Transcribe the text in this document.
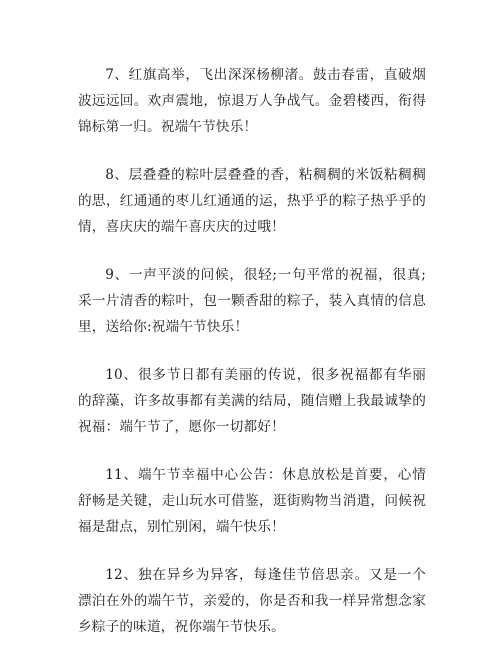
7、红旗高举，飞出深深杨柳渚。鼓击春雷，直破烟波远远回。欢声震地，惊退万人争战气。金碧楼西，衔得锦标第一归。祝端午节快乐！

8、层叠叠的粽叶层叠叠的香，粘稠稠的米饭粘稠稠的思，红通通的枣儿红通通的运，热乎乎的粽子热乎乎的情，喜庆庆的端午喜庆庆的过哦！

9、一声平淡的问候，很轻;一句平常的祝福，很真;采一片清香的粽叶，包一颗香甜的粽子，装入真情的信息里，送给你:祝端午节快乐！

10、很多节日都有美丽的传说，很多祝福都有华丽的辞藻，许多故事都有美满的结局，随信赠上我最诚挚的祝福：端午节了，愿你一切都好！

11、端午节幸福中心公告：休息放松是首要，心情舒畅是关键，走山玩水可借鉴，逛街购物当消遣，问候祝福是甜点，别忙别闲，端午快乐！

12、独在异乡为异客，每逢佳节倍思亲。又是一个漂泊在外的端午节，亲爱的，你是否和我一样异常想念家乡粽子的味道，祝你端午节快乐。
